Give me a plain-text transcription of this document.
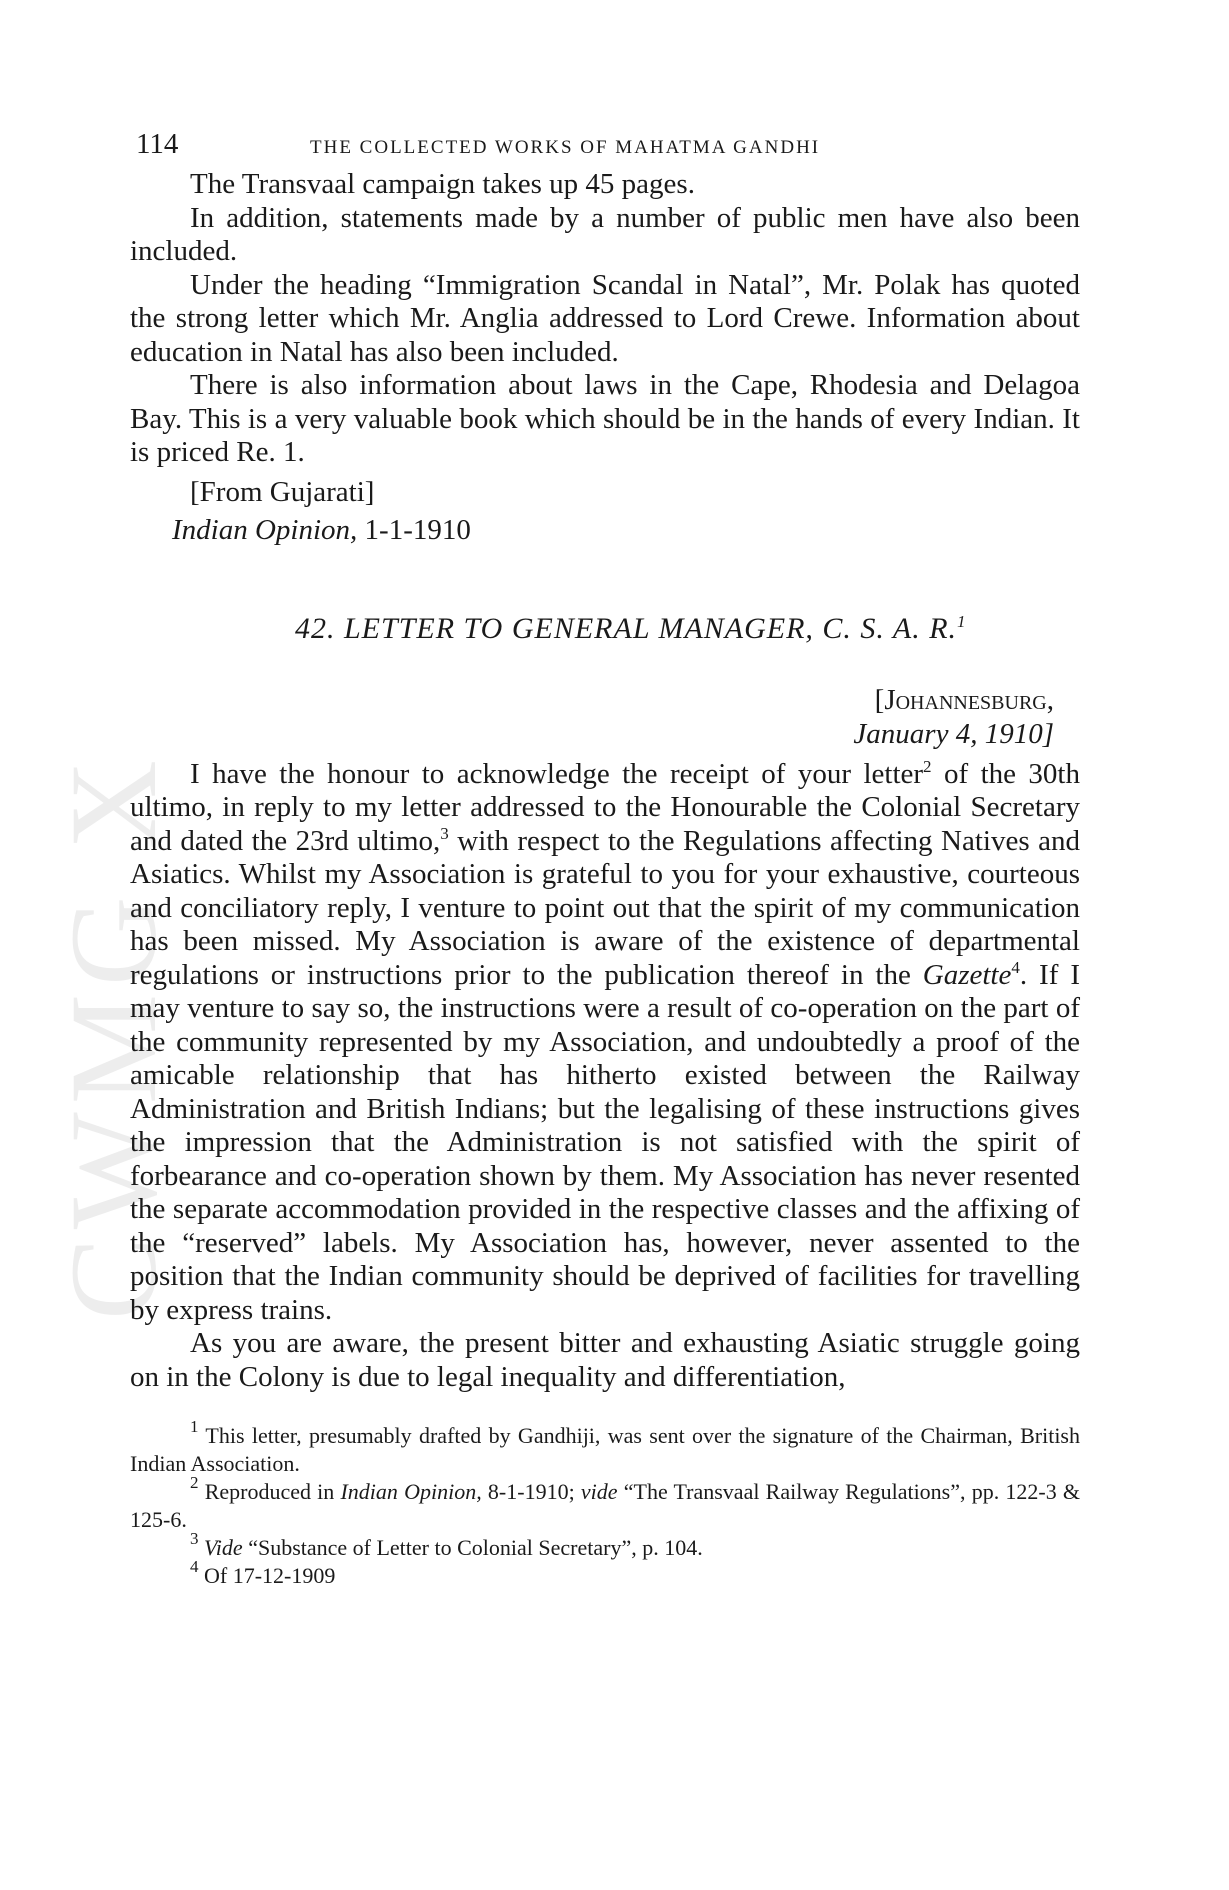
CWMG X
114	THE COLLECTED WORKS OF MAHATMA GANDHI

The Transvaal campaign takes up 45 pages.

In addition, statements made by a number of public men have also been included.

Under the heading “Immigration Scandal in Natal”, Mr. Polak has quoted the strong letter which Mr. Anglia addressed to Lord Crewe. Information about education in Natal has also been included.

There is also information about laws in the Cape, Rhodesia and Delagoa Bay. This is a very valuable book which should be in the hands of every Indian. It is priced Re. 1.

[From Gujarati]
Indian Opinion, 1-1-1910
42. LETTER TO GENERAL MANAGER, C. S. A. R.$^1$
[Johannesburg,
January 4, 1910]

I have the honour to acknowledge the receipt of your letter$^2$ of the 30th ultimo, in reply to my letter addressed to the Honourable the Colonial Secretary and dated the 23rd ultimo,$^3$ with respect to the Regulations affecting Natives and Asiatics. Whilst my Association is grateful to you for your exhaustive, courteous and conciliatory reply, I venture to point out that the spirit of my communication has been missed. My Association is aware of the existence of departmental regulations or instructions prior to the publication thereof in the Gazette$^4$. If I may venture to say so, the instructions were a result of co-operation on the part of the community represented by my Association, and undoubtedly a proof of the amicable relationship that has hitherto existed between the Railway Administration and British Indians; but the legalising of these instructions gives the impression that the Administration is not satisfied with the spirit of forbearance and co-operation shown by them. My Association has never resented the separate accommodation provided in the respective classes and the affixing of the “reserved” labels. My Association has, however, never assented to the position that the Indian community should be deprived of facilities for travelling by express trains.

As you are aware, the present bitter and exhausting Asiatic struggle going on in the Colony is due to legal inequality and differentiation,

$^1$ This letter, presumably drafted by Gandhiji, was sent over the signature of the Chairman, British Indian Association.
$^2$ Reproduced in Indian Opinion, 8-1-1910; vide “The Transvaal Railway Regulations”, pp. 122-3 & 125-6.
$^3$ Vide “Substance of Letter to Colonial Secretary”, p. 104.
$^4$ Of 17-12-1909
